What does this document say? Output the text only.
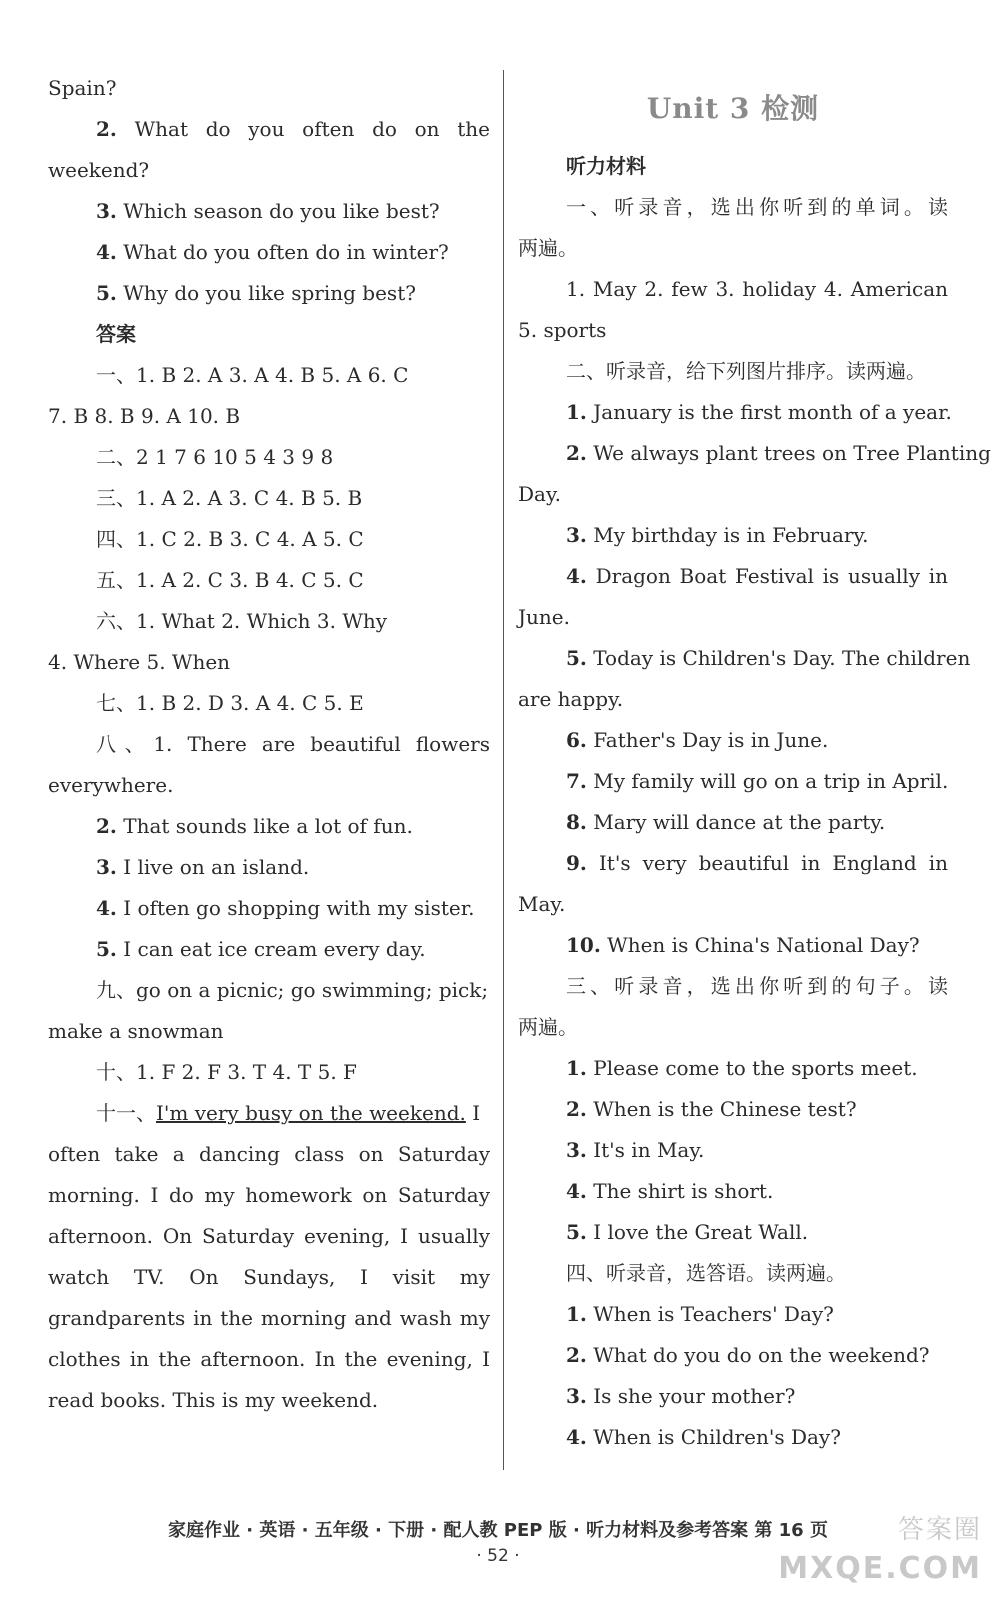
Spain?
2. What do you often do on the
weekend?
3. Which season do you like best?
4. What do you often do in winter?
5. Why do you like spring best?
答案
一、1. B 2. A 3. A 4. B 5. A 6. C
7. B 8. B 9. A 10. B
二、2 1 7 6 10 5 4 3 9 8
三、1. A 2. A 3. C 4. B 5. B
四、1. C 2. B 3. C 4. A 5. C
五、1. A 2. C 3. B 4. C 5. C
六、1. What 2. Which 3. Why
4. Where 5. When
七、1. B 2. D 3. A 4. C 5. E
八、1. There are beautiful flowers
everywhere.
2. That sounds like a lot of fun.
3. I live on an island.
4. I often go shopping with my sister.
5. I can eat ice cream every day.
九、go on a picnic; go swimming; pick;
make a snowman
十、1. F 2. F 3. T 4. T 5. F
十一、I'm very busy on the weekend. I
often take a dancing class on Saturday
morning. I do my homework on Saturday
afternoon. On Saturday evening, I usually
watch TV. On Sundays, I visit my
grandparents in the morning and wash my
clothes in the afternoon. In the evening, I
read books. This is my weekend.
Unit 3 检测
听力材料
一、听录音，选出你听到的单词。读
两遍。
1. May 2. few 3. holiday 4. American
5. sports
二、听录音，给下列图片排序。读两遍。
1. January is the first month of a year.
2. We always plant trees on Tree Planting
Day.
3. My birthday is in February.
4. Dragon Boat Festival is usually in
June.
5. Today is Children's Day. The children
are happy.
6. Father's Day is in June.
7. My family will go on a trip in April.
8. Mary will dance at the party.
9. It's very beautiful in England in
May.
10. When is China's National Day?
三、听录音，选出你听到的句子。读
两遍。
1. Please come to the sports meet.
2. When is the Chinese test?
3. It's in May.
4. The shirt is short.
5. I love the Great Wall.
四、听录音，选答语。读两遍。
1. When is Teachers' Day?
2. What do you do on the weekend?
3. Is she your mother?
4. When is Children's Day?
家庭作业 · 英语 · 五年级 · 下册 · 配人教 PEP 版 · 听力材料及参考答案 第 16 页
· 52 ·
答案圈
MXQE.COM
